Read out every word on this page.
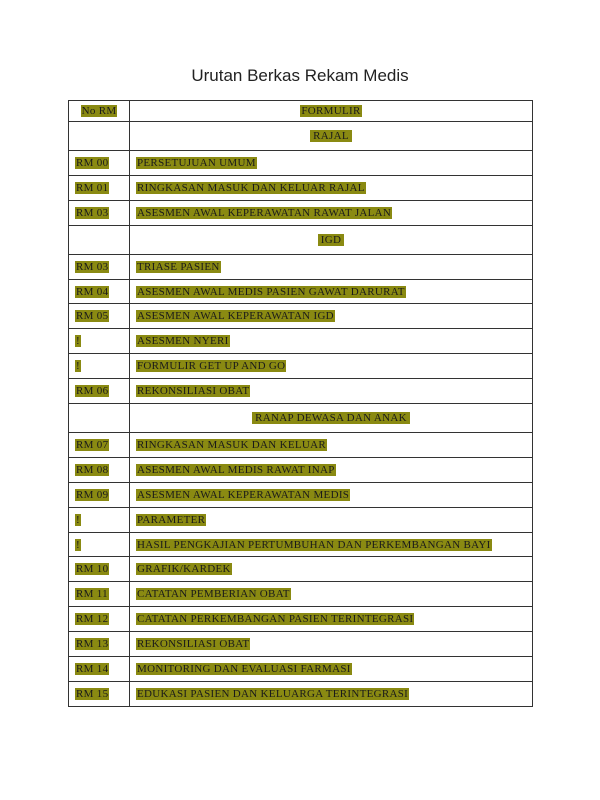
Urutan Berkas Rekam Medis
No RM	FORMULIR
	RAJAL
RM 00	PERSETUJUAN UMUM
RM 01	RINGKASAN MASUK DAN KELUAR RAJAL
RM 03	ASESMEN AWAL KEPERAWATAN RAWAT JALAN
	IGD
RM 03	TRIASE PASIEN
RM 04	ASESMEN AWAL MEDIS PASIEN GAWAT DARURAT
RM 05	ASESMEN AWAL KEPERAWATAN IGD
!	ASESMEN NYERI
!	FORMULIR GET UP AND GO
RM 06	REKONSILIASI OBAT
	RANAP DEWASA DAN ANAK
RM 07	RINGKASAN MASUK DAN KELUAR
RM 08	ASESMEN AWAL MEDIS RAWAT INAP
RM 09	ASESMEN AWAL KEPERAWATAN MEDIS
!	PARAMETER
!	HASIL PENGKAJIAN PERTUMBUHAN DAN PERKEMBANGAN BAYI
RM 10	GRAFIK/KARDEK
RM 11	CATATAN PEMBERIAN OBAT
RM 12	CATATAN PERKEMBANGAN PASIEN TERINTEGRASI
RM 13	REKONSILIASI OBAT
RM 14	MONITORING DAN EVALUASI FARMASI
RM 15	EDUKASI PASIEN DAN KELUARGA TERINTEGRASI
